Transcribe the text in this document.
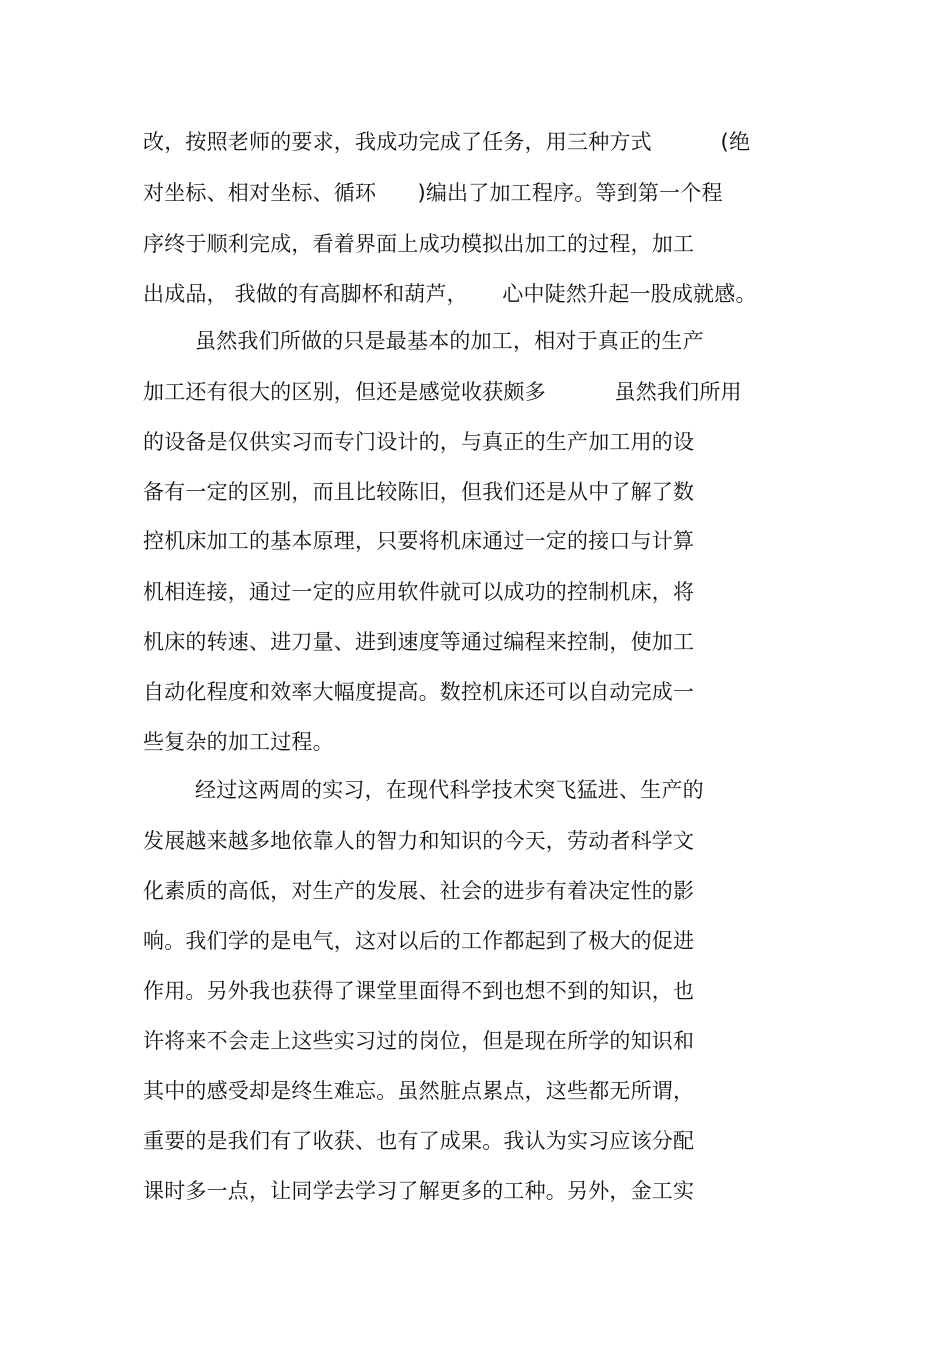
改，按照老师的要求，我成功完成了任务，用三种方式          (绝
对坐标、相对坐标、循环      )编出了加工程序。等到第一个程
序终于顺利完成，看着界面上成功模拟出加工的过程，加工
出成品， 我做的有高脚杯和葫芦，     心中陡然升起一股成就感。
虽然我们所做的只是最基本的加工，相对于真正的生产
加工还有很大的区别，但还是感觉收获颇多          虽然我们所用
的设备是仅供实习而专门设计的，与真正的生产加工用的设
备有一定的区别，而且比较陈旧，但我们还是从中了解了数
控机床加工的基本原理，只要将机床通过一定的接口与计算
机相连接，通过一定的应用软件就可以成功的控制机床，将
机床的转速、进刀量、进到速度等通过编程来控制，使加工
自动化程度和效率大幅度提高。数控机床还可以自动完成一
些复杂的加工过程。
经过这两周的实习，在现代科学技术突飞猛进、生产的
发展越来越多地依靠人的智力和知识的今天，劳动者科学文
化素质的高低，对生产的发展、社会的进步有着决定性的影
响。我们学的是电气，这对以后的工作都起到了极大的促进
作用。另外我也获得了课堂里面得不到也想不到的知识，也
许将来不会走上这些实习过的岗位，但是现在所学的知识和
其中的感受却是终生难忘。虽然脏点累点，这些都无所谓，
重要的是我们有了收获、也有了成果。我认为实习应该分配
课时多一点，让同学去学习了解更多的工种。另外，金工实
